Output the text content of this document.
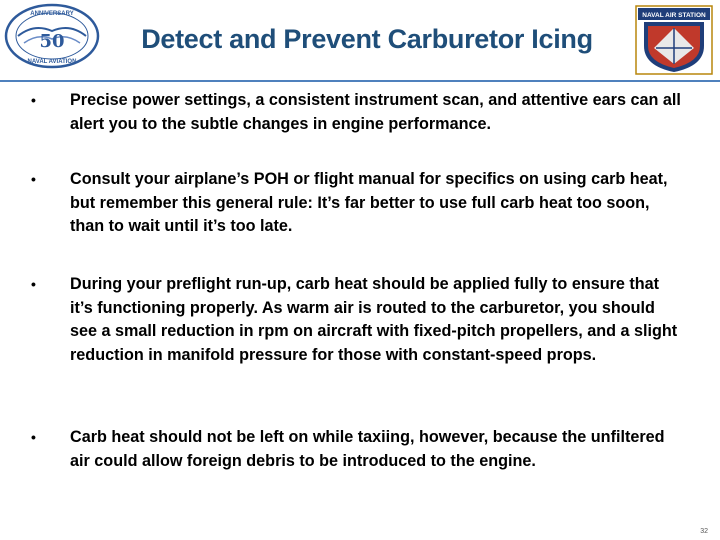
50
ANNIVERSARY
NAVAL AVIATION
Detect and Prevent Carburetor Icing
NAVAL AIR STATION
•	Precise power settings, a consistent instrument scan, and attentive ears can all alert you to the subtle changes in engine performance.
•	Consult your airplane’s POH or flight manual for specifics on using carb heat, but remember this general rule: It’s far better to use full carb heat too soon, than to wait until it’s too late.
•	During your preflight run-up, carb heat should be applied fully to ensure that it’s functioning properly. As warm air is routed to the carburetor, you should see a small reduction in rpm on aircraft with fixed-pitch propellers, and a slight reduction in manifold pressure for those with constant-speed props.
•	Carb heat should not be left on while taxiing, however, because the unfiltered air could allow foreign debris to be introduced to the engine.
32
